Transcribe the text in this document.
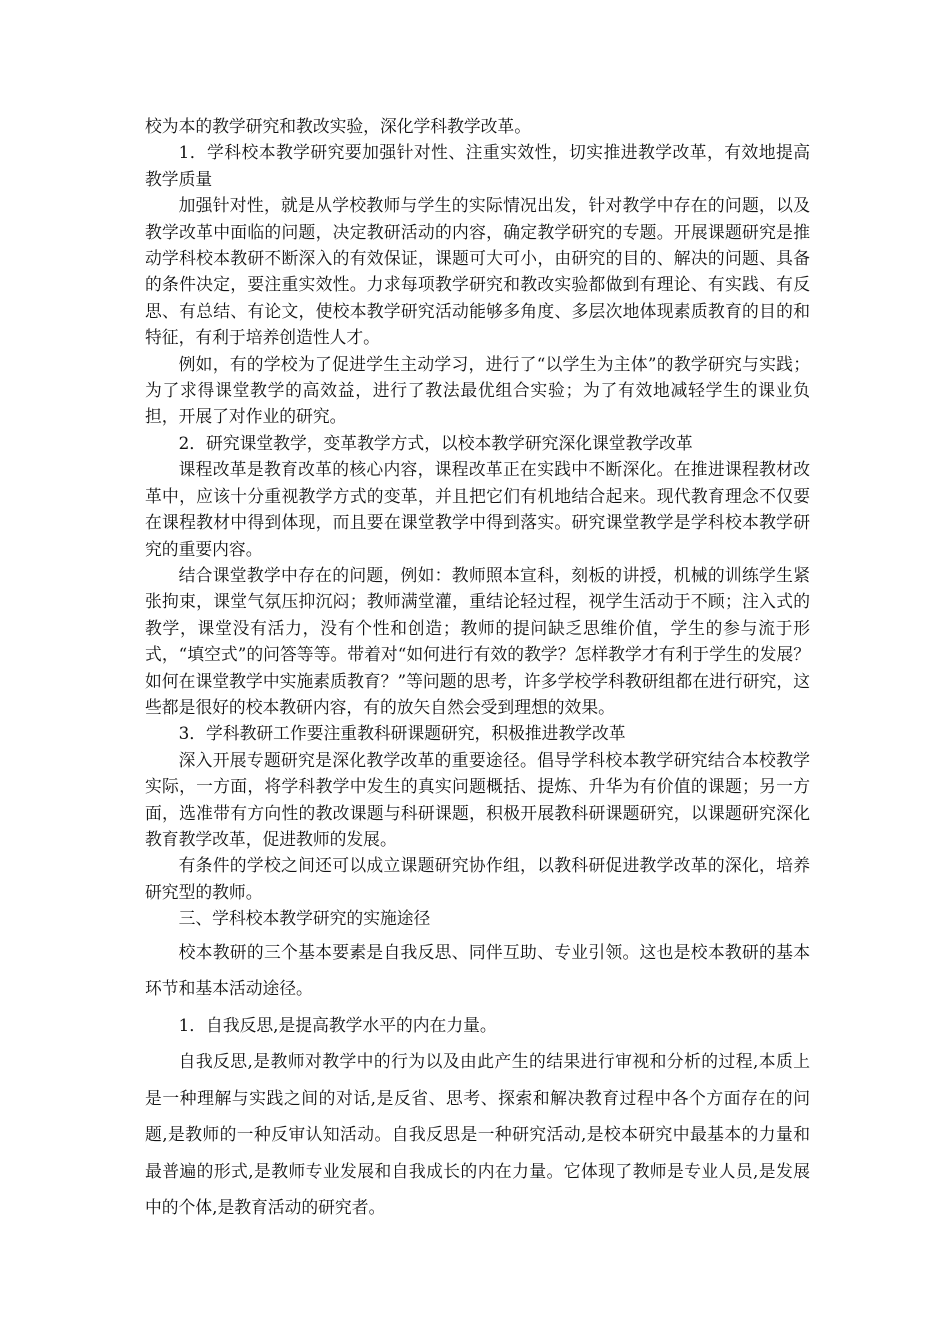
校为本的教学研究和教改实验，深化学科教学改革。

1．学科校本教学研究要加强针对性、注重实效性，切实推进教学改革，有效地提高教学质量

加强针对性，就是从学校教师与学生的实际情况出发，针对教学中存在的问题，以及教学改革中面临的问题，决定教研活动的内容，确定教学研究的专题。开展课题研究是推动学科校本教研不断深入的有效保证，课题可大可小，由研究的目的、解决的问题、具备的条件决定，要注重实效性。力求每项教学研究和教改实验都做到有理论、有实践、有反思、有总结、有论文，使校本教学研究活动能够多角度、多层次地体现素质教育的目的和特征，有利于培养创造性人才。

例如，有的学校为了促进学生主动学习，进行了“以学生为主体”的教学研究与实践；为了求得课堂教学的高效益，进行了教法最优组合实验；为了有效地减轻学生的课业负担，开展了对作业的研究。

2．研究课堂教学，变革教学方式，以校本教学研究深化课堂教学改革

课程改革是教育改革的核心内容，课程改革正在实践中不断深化。在推进课程教材改革中，应该十分重视教学方式的变革，并且把它们有机地结合起来。现代教育理念不仅要在课程教材中得到体现，而且要在课堂教学中得到落实。研究课堂教学是学科校本教学研究的重要内容。

结合课堂教学中存在的问题，例如：教师照本宣科，刻板的讲授，机械的训练学生紧张拘束，课堂气氛压抑沉闷；教师满堂灌，重结论轻过程，视学生活动于不顾；注入式的教学，课堂没有活力，没有个性和创造；教师的提问缺乏思维价值，学生的参与流于形式，“填空式”的问答等等。带着对“如何进行有效的教学？怎样教学才有利于学生的发展？如何在课堂教学中实施素质教育？”等问题的思考，许多学校学科教研组都在进行研究，这些都是很好的校本教研内容，有的放矢自然会受到理想的效果。

3．学科教研工作要注重教科研课题研究，积极推进教学改革

深入开展专题研究是深化教学改革的重要途径。倡导学科校本教学研究结合本校教学实际，一方面，将学科教学中发生的真实问题概括、提炼、升华为有价值的课题；另一方面，选准带有方向性的教改课题与科研课题，积极开展教科研课题研究，以课题研究深化教育教学改革，促进教师的发展。

有条件的学校之间还可以成立课题研究协作组，以教科研促进教学改革的深化，培养研究型的教师。

三、学科校本教学研究的实施途径

校本教研的三个基本要素是自我反思、同伴互助、专业引领。这也是校本教研的基本环节和基本活动途径。

1．自我反思,是提高教学水平的内在力量。

自我反思,是教师对教学中的行为以及由此产生的结果进行审视和分析的过程,本质上是一种理解与实践之间的对话,是反省、思考、探索和解决教育过程中各个方面存在的问题,是教师的一种反审认知活动。自我反思是一种研究活动,是校本研究中最基本的力量和最普遍的形式,是教师专业发展和自我成长的内在力量。它体现了教师是专业人员,是发展中的个体,是教育活动的研究者。
